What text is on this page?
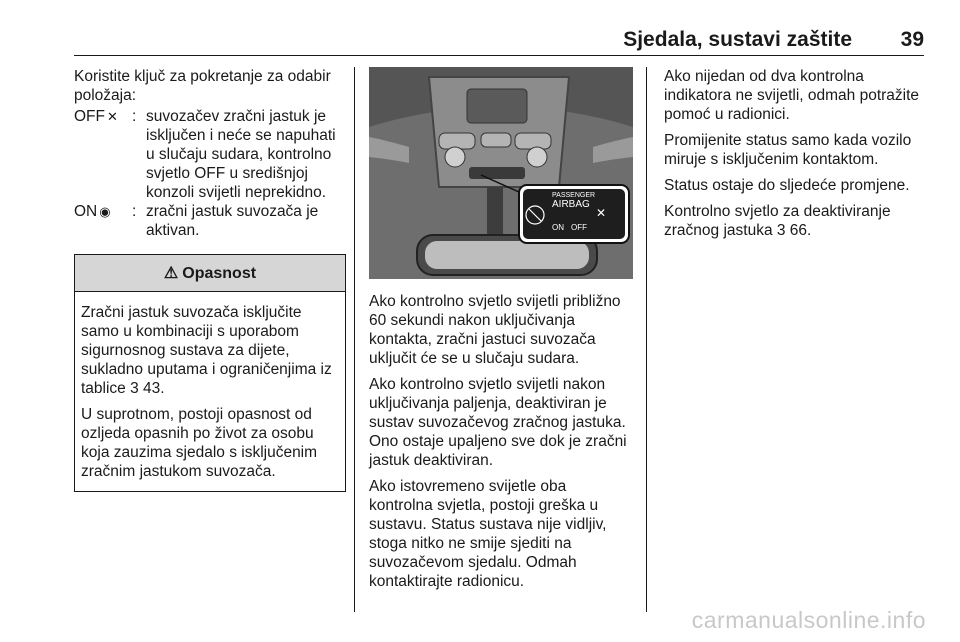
Sjedala, sustavi zaštite 39

Koristite ključ za pokretanje za odabir položaja:

OFF ✕ : suvozačev zračni jastuk je isključen i neće se napuhati u slučaju sudara, kontrolno svjetlo OFF u središnjoj konzoli svijetli neprekidno.
ON ◉	: zračni jastuk suvozača je aktivan.
⚠ Opasnost

Zračni jastuk suvozača isključite samo u kombinaciji s uporabom sigurnosnog sustava za dijete, sukladno uputama i ograničenjima iz tablice 3 43.

U suprotnom, postoji opasnost od ozljeda opasnih po život za osobu koja zauzima sjedalo s isključenim zračnim jastukom suvozača.

PASSENGER
AIRBAG
ON OFF
✕

Ako kontrolno svjetlo svijetli približno 60 sekundi nakon uključivanja kontakta, zračni jastuci suvozača uključit će se u slučaju sudara.

Ako kontrolno svjetlo svijetli nakon uključivanja paljenja, deaktiviran je sustav suvozačevog zračnog jastuka. Ono ostaje upaljeno sve dok je zračni jastuk deaktiviran.

Ako istovremeno svijetle oba kontrolna svjetla, postoji greška u sustavu. Status sustava nije vidljiv, stoga nitko ne smije sjediti na suvozačevom sjedalu. Odmah kontaktirajte radionicu.

Ako nijedan od dva kontrolna indikatora ne svijetli, odmah potražite pomoć u radionici.

Promijenite status samo kada vozilo miruje s isključenim kontaktom.

Status ostaje do sljedeće promjene.

Kontrolno svjetlo za deaktiviranje zračnog jastuka 3 66.

carmanualsonline.info
